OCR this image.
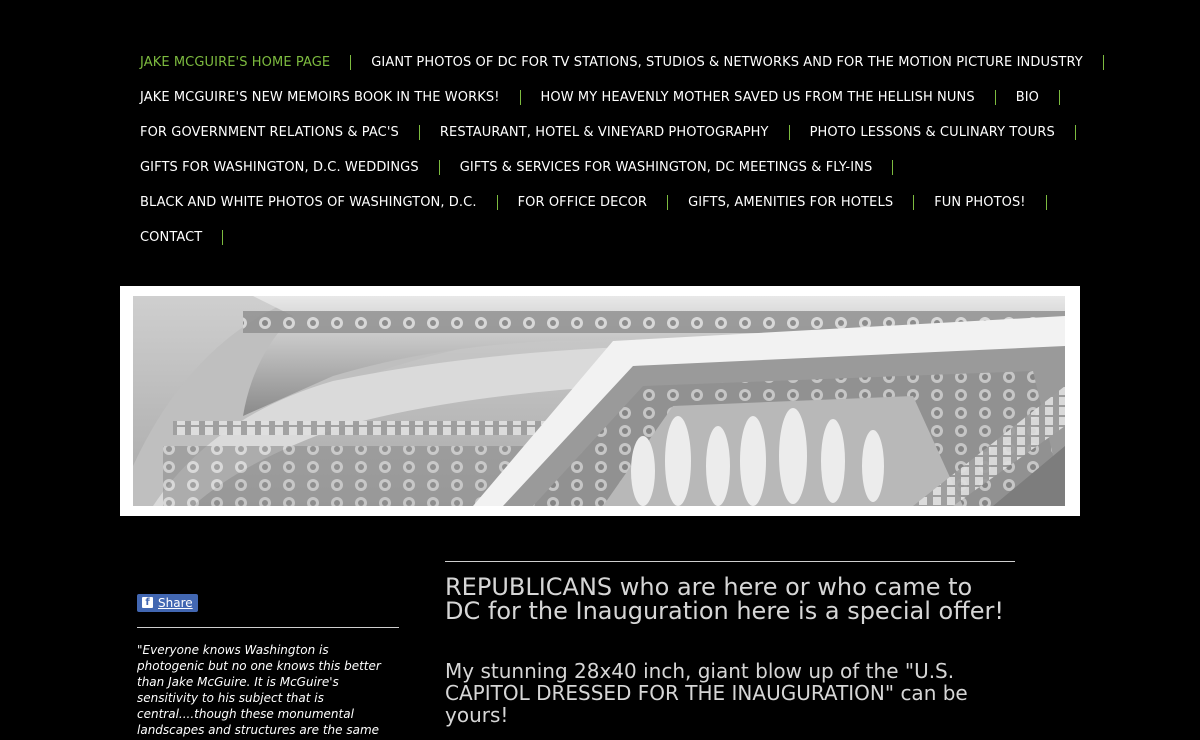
JAKE MCGUIRE'S HOME PAGE	GIANT PHOTOS OF DC FOR TV STATIONS, STUDIOS & NETWORKS AND FOR THE MOTION PICTURE INDUSTRY
JAKE MCGUIRE'S NEW MEMOIRS BOOK IN THE WORKS!	HOW MY HEAVENLY MOTHER SAVED US FROM THE HELLISH NUNS	BIO
FOR GOVERNMENT RELATIONS & PAC'S	RESTAURANT, HOTEL & VINEYARD PHOTOGRAPHY	PHOTO LESSONS & CULINARY TOURS
GIFTS FOR WASHINGTON, D.C. WEDDINGS	GIFTS & SERVICES FOR WASHINGTON, DC MEETINGS & FLY-INS
BLACK AND WHITE PHOTOS OF WASHINGTON, D.C.	FOR OFFICE DECOR	GIFTS, AMENITIES FOR HOTELS	FUN PHOTOS!
CONTACT
f Share
"Everyone knows Washington is photogenic but no one knows this better than Jake McGuire. It is McGuire's sensitivity to his subject that is central....though these monumental landscapes and structures are the same
REPUBLICANS who are here or who came to DC for the Inauguration here is a special offer!
My stunning 28x40 inch, giant blow up of the "U.S. CAPITOL DRESSED FOR THE INAUGURATION" can be yours!
